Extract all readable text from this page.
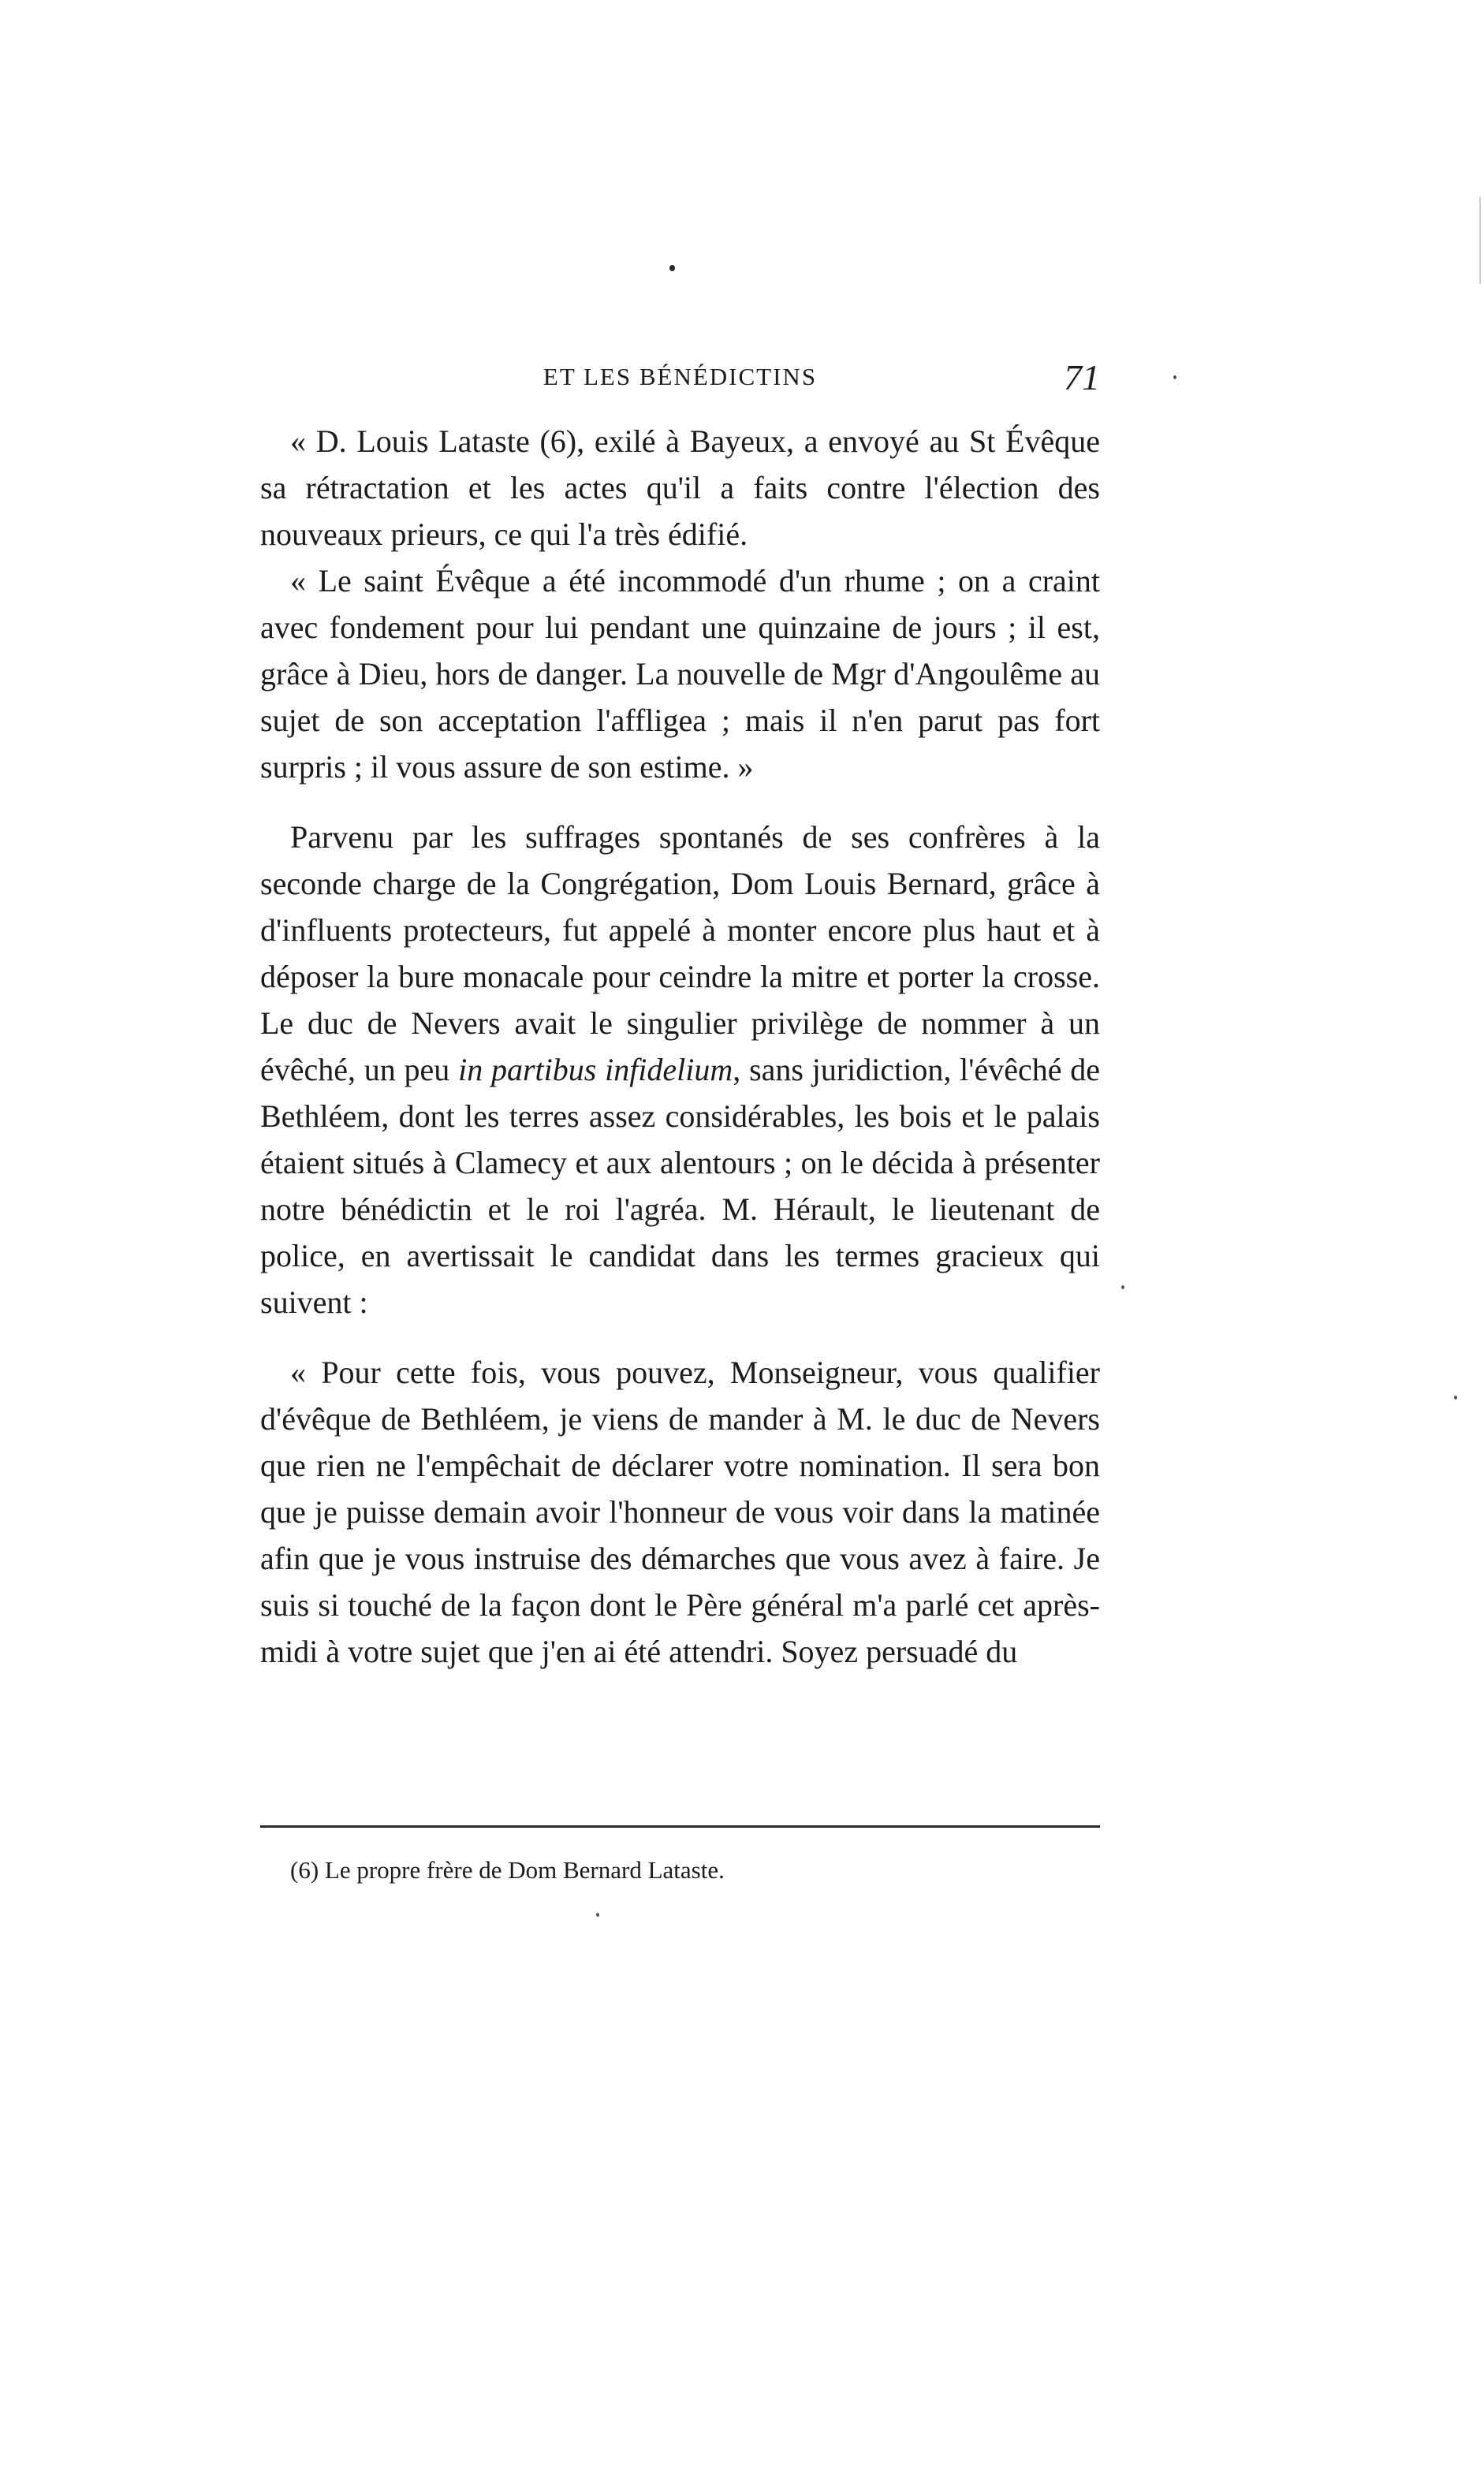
ET LES BÉNÉDICTINS	71

« D. Louis Lataste (6), exilé à Bayeux, a envoyé au St Évêque sa rétractation et les actes qu'il a faits contre l'élection des nouveaux prieurs, ce qui l'a très édifié.

« Le saint Évêque a été incommodé d'un rhume ; on a craint avec fondement pour lui pendant une quinzaine de jours ; il est, grâce à Dieu, hors de danger. La nouvelle de Mgr d'Angoulême au sujet de son acceptation l'affligea ; mais il n'en parut pas fort surpris ; il vous assure de son estime. »

Parvenu par les suffrages spontanés de ses confrères à la seconde charge de la Congrégation, Dom Louis Bernard, grâce à d'influents protecteurs, fut appelé à monter encore plus haut et à déposer la bure monacale pour ceindre la mitre et porter la crosse. Le duc de Nevers avait le singulier privilège de nommer à un évêché, un peu in partibus infidelium, sans juridiction, l'évêché de Bethléem, dont les terres assez considérables, les bois et le palais étaient situés à Clamecy et aux alentours ; on le décida à présenter notre bénédictin et le roi l'agréa. M. Hérault, le lieutenant de police, en avertissait le candidat dans les termes gracieux qui suivent :

« Pour cette fois, vous pouvez, Monseigneur, vous qualifier d'évêque de Bethléem, je viens de mander à M. le duc de Nevers que rien ne l'empêchait de déclarer votre nomination. Il sera bon que je puisse demain avoir l'honneur de vous voir dans la matinée afin que je vous instruise des démarches que vous avez à faire. Je suis si touché de la façon dont le Père général m'a parlé cet après-midi à votre sujet que j'en ai été attendri. Soyez persuadé du

(6) Le propre frère de Dom Bernard Lataste.
